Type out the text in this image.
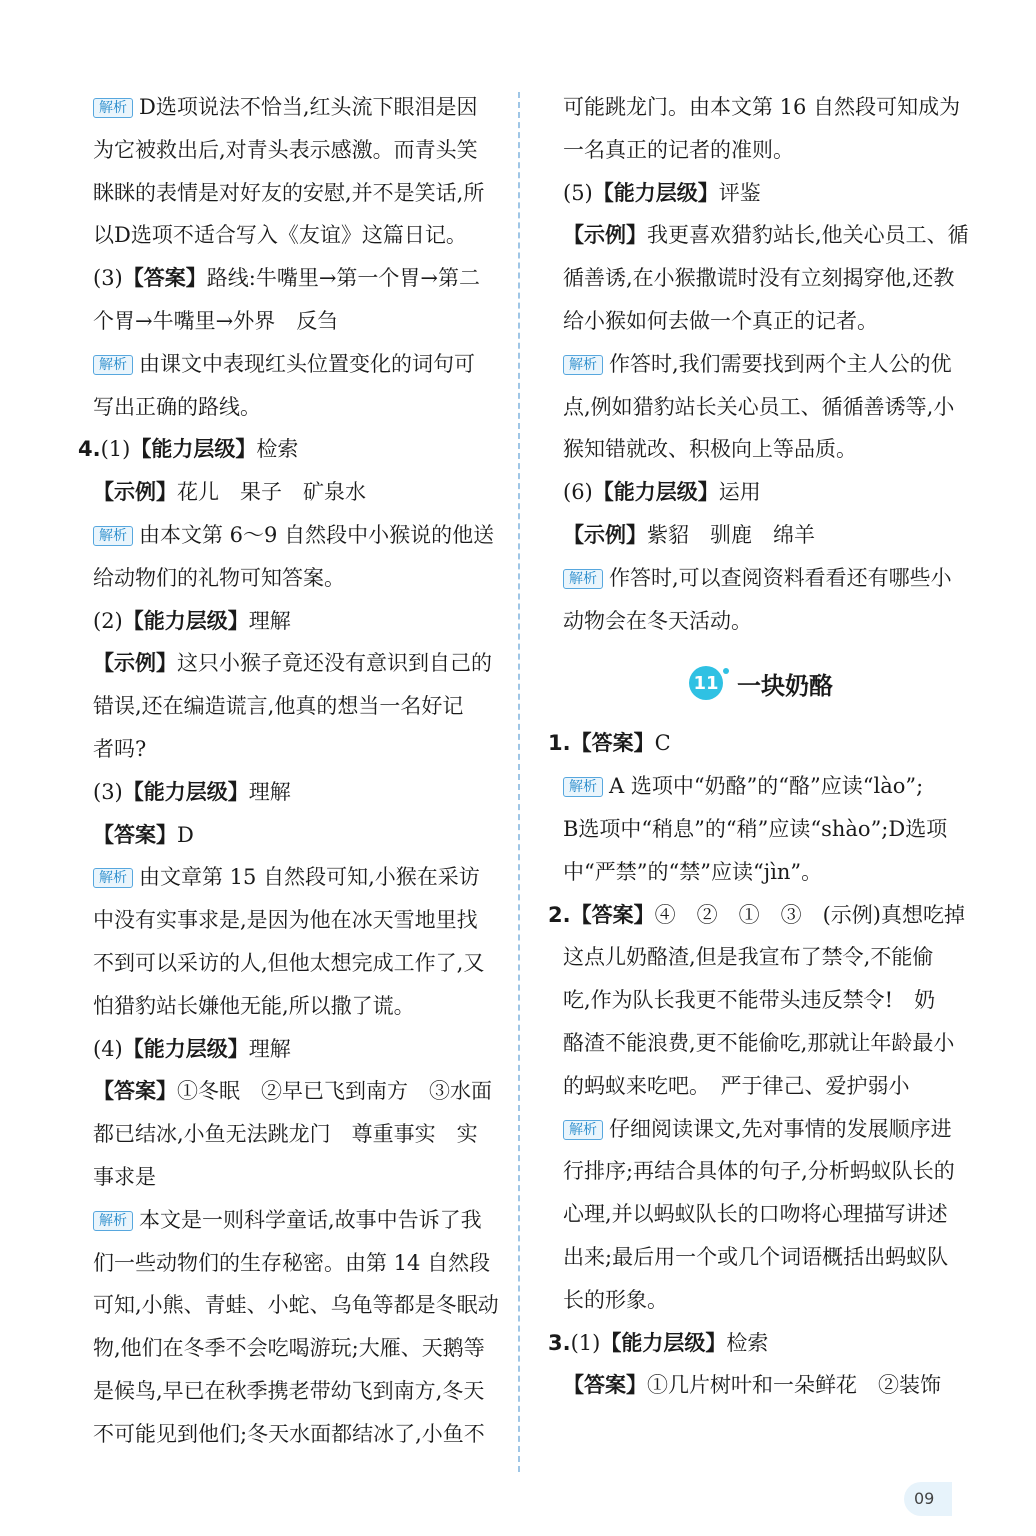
解析 D选项说法不恰当,红头流下眼泪是因
为它被救出后,对青头表示感激。而青头笑
眯眯的表情是对好友的安慰,并不是笑话,所
以D选项不适合写入《友谊》这篇日记。
(3)【答案】路线:牛嘴里→第一个胃→第二
个胃→牛嘴里→外界　反刍
解析 由课文中表现红头位置变化的词句可
写出正确的路线。
4.(1)【能力层级】检索
【示例】花儿　果子　矿泉水
解析 由本文第 6～9 自然段中小猴说的他送
给动物们的礼物可知答案。
(2)【能力层级】理解
【示例】这只小猴子竟还没有意识到自己的
错误,还在编造谎言,他真的想当一名好记
者吗?
(3)【能力层级】理解
【答案】D
解析 由文章第 15 自然段可知,小猴在采访
中没有实事求是,是因为他在冰天雪地里找
不到可以采访的人,但他太想完成工作了,又
怕猎豹站长嫌他无能,所以撒了谎。
(4)【能力层级】理解
【答案】①冬眠　②早已飞到南方　③水面
都已结冰,小鱼无法跳龙门　尊重事实　实
事求是
解析 本文是一则科学童话,故事中告诉了我
们一些动物们的生存秘密。由第 14 自然段
可知,小熊、青蛙、小蛇、乌龟等都是冬眠动
物,他们在冬季不会吃喝游玩;大雁、天鹅等
是候鸟,早已在秋季携老带幼飞到南方,冬天
不可能见到他们;冬天水面都结冰了,小鱼不
可能跳龙门。由本文第 16 自然段可知成为
一名真正的记者的准则。
(5)【能力层级】评鉴
【示例】我更喜欢猎豹站长,他关心员工、循
循善诱,在小猴撒谎时没有立刻揭穿他,还教
给小猴如何去做一个真正的记者。
解析 作答时,我们需要找到两个主人公的优
点,例如猎豹站长关心员工、循循善诱等,小
猴知错就改、积极向上等品质。
(6)【能力层级】运用
【示例】紫貂　驯鹿　绵羊
解析 作答时,可以查阅资料看看还有哪些小
动物会在冬天活动。
11 一块奶酪
1.【答案】C
解析 A 选项中“奶酪”的“酪”应读“lào”;
B选项中“稍息”的“稍”应读“shào”;D选项
中“严禁”的“禁”应读“jìn”。
2.【答案】④　②　①　③　(示例)真想吃掉
这点儿奶酪渣,但是我宣布了禁令,不能偷
吃,作为队长我更不能带头违反禁令!　奶
酪渣不能浪费,更不能偷吃,那就让年龄最小
的蚂蚁来吃吧。　严于律己、爱护弱小
解析 仔细阅读课文,先对事情的发展顺序进
行排序;再结合具体的句子,分析蚂蚁队长的
心理,并以蚂蚁队长的口吻将心理描写讲述
出来;最后用一个或几个词语概括出蚂蚁队
长的形象。
3.(1)【能力层级】检索
【答案】①几片树叶和一朵鲜花　②装饰
09
